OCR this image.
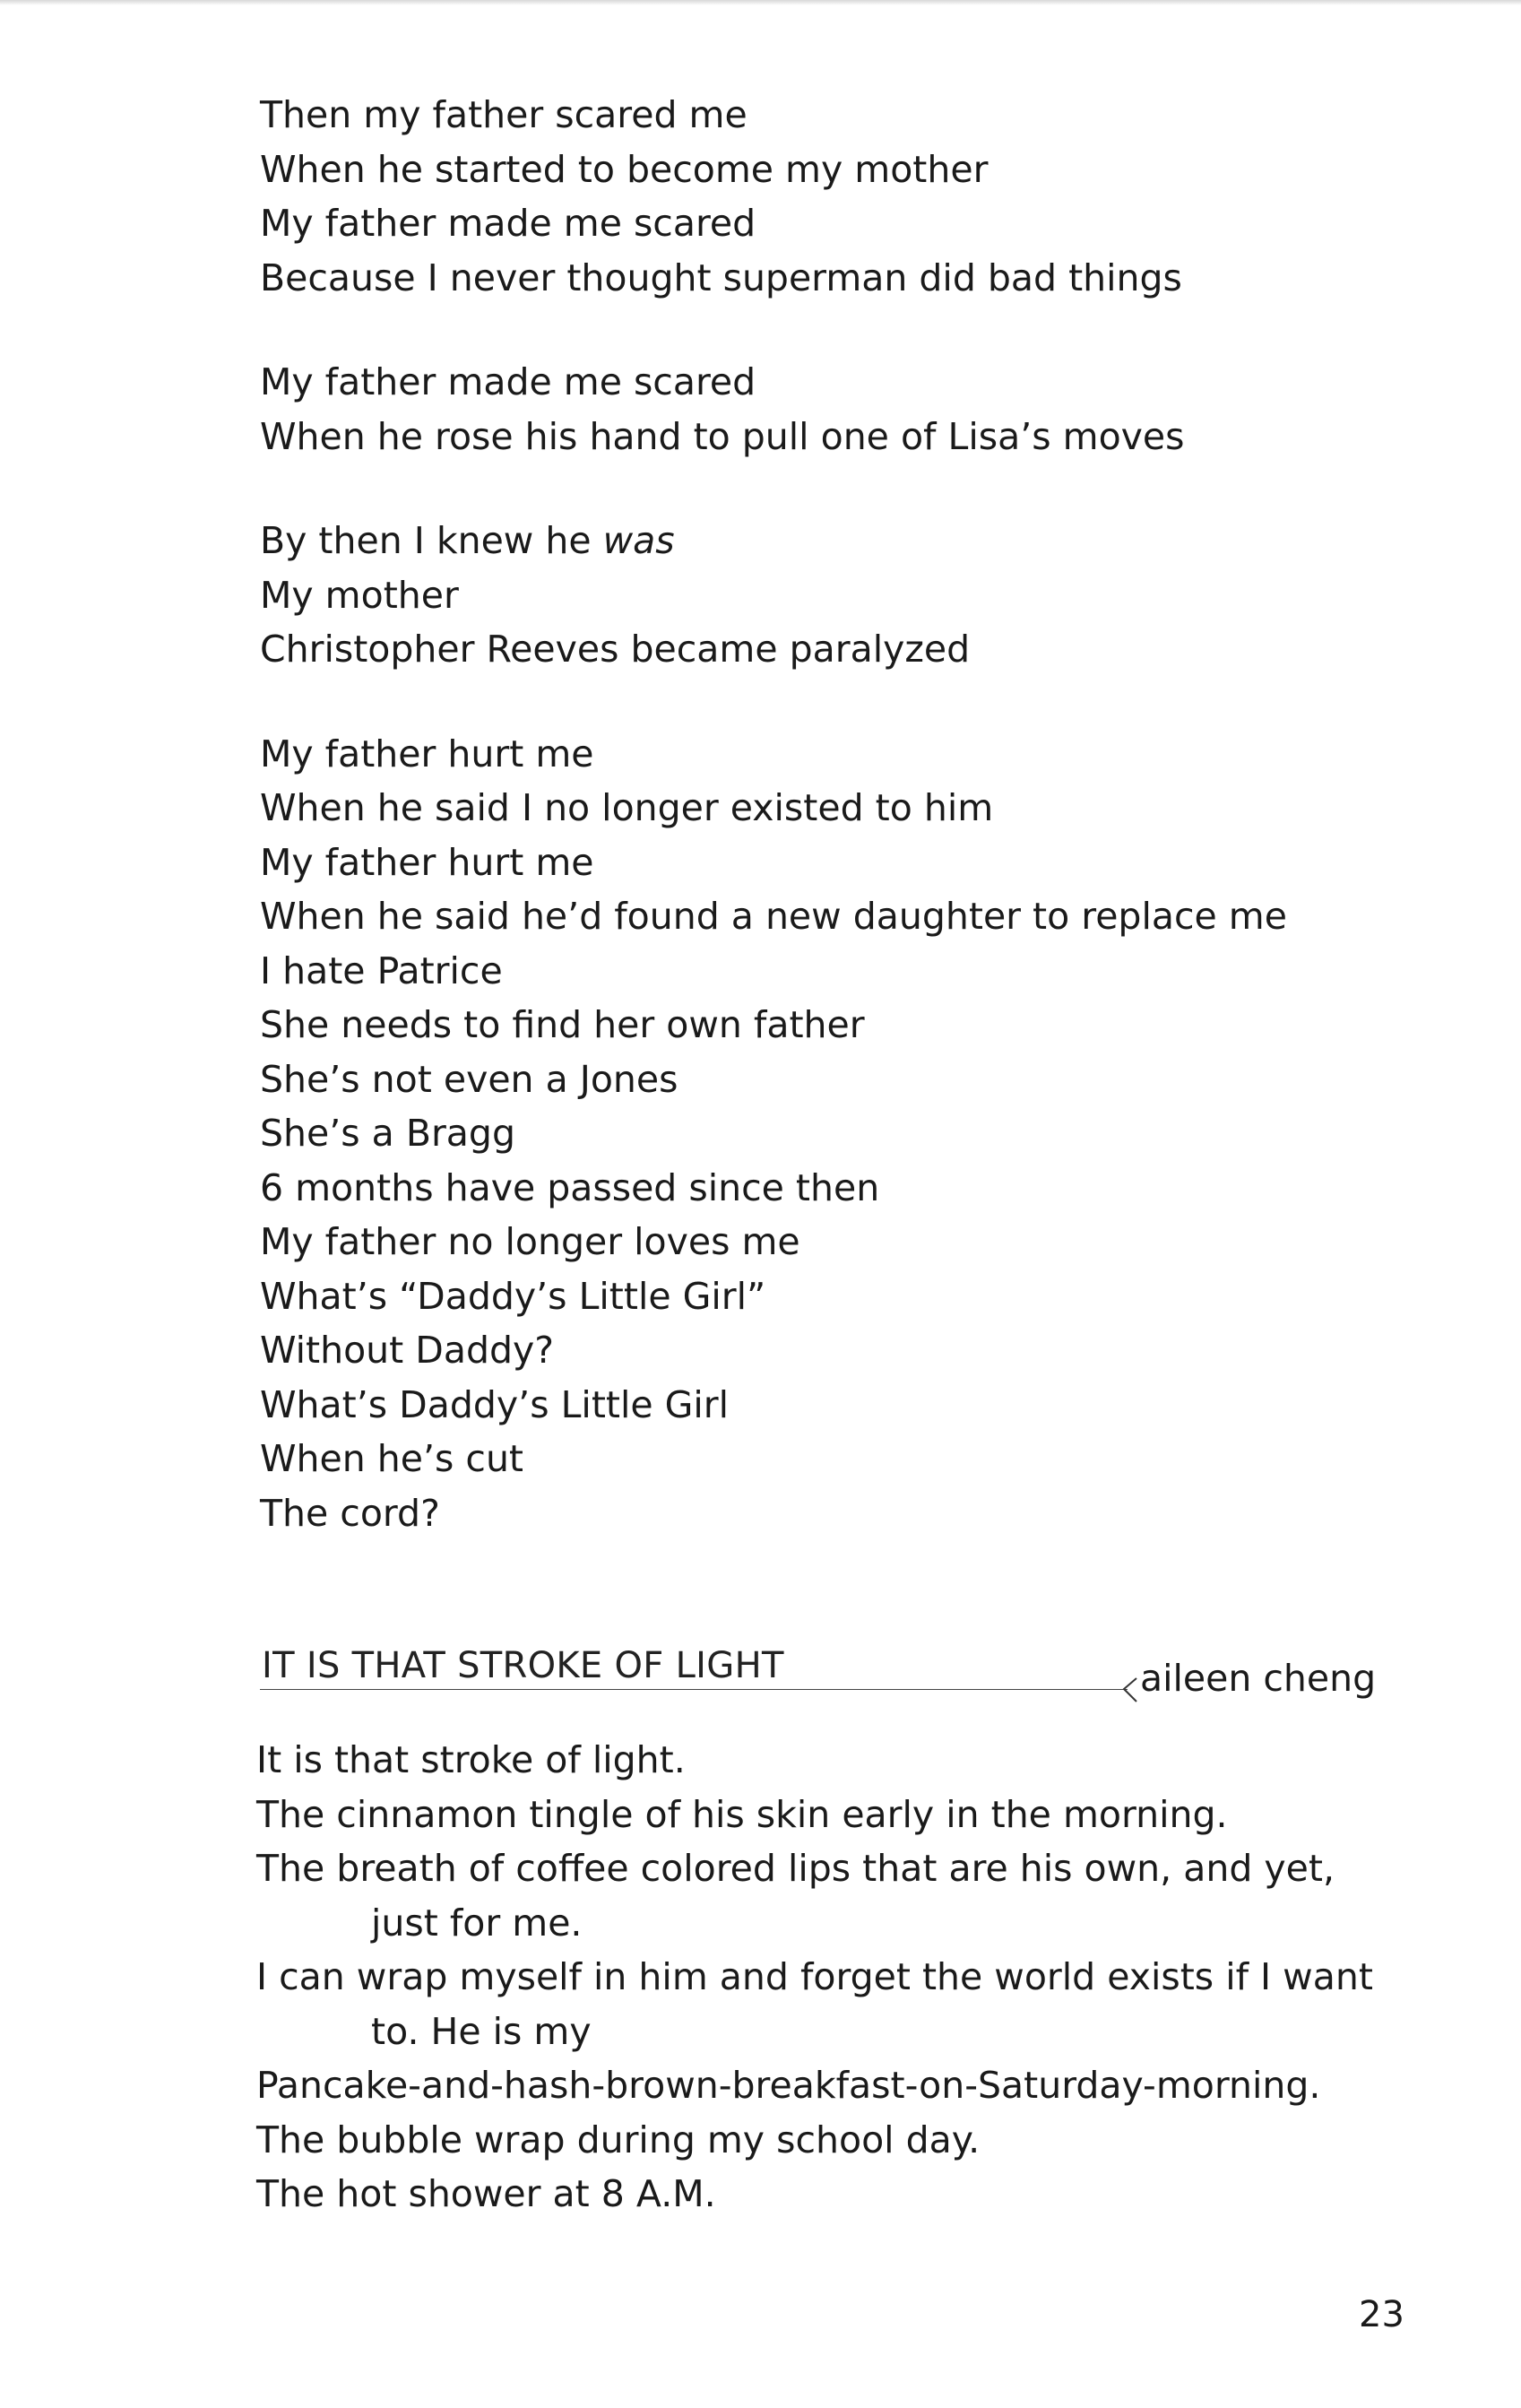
Then my father scared me
When he started to become my mother
My father made me scared
Because I never thought superman did bad things
My father made me scared
When he rose his hand to pull one of Lisa’s moves
By then I knew he was
My mother
Christopher Reeves became paralyzed
My father hurt me
When he said I no longer existed to him
My father hurt me
When he said he’d found a new daughter to replace me
I hate Patrice
She needs to find her own father
She’s not even a Jones
She’s a Bragg
6 months have passed since then
My father no longer loves me
What’s “Daddy’s Little Girl”
Without Daddy?
What’s Daddy’s Little Girl
When he’s cut
The cord?
IT IS THAT STROKE OF LIGHT	aileen cheng
It is that stroke of light.
The cinnamon tingle of his skin early in the morning.
The breath of coffee colored lips that are his own, and yet,
just for me.
I can wrap myself in him and forget the world exists if I want
to. He is my
Pancake-and-hash-brown-breakfast-on-Saturday-morning.
The bubble wrap during my school day.
The hot shower at 8 A.M.
23
